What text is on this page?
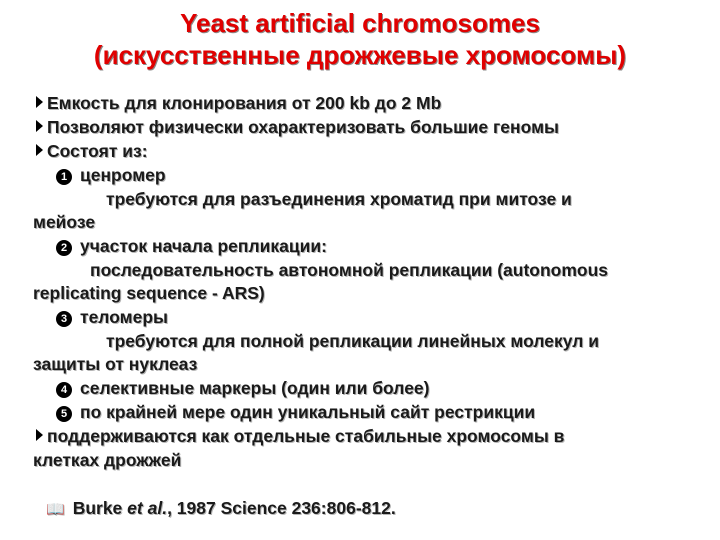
Yeast artificial chromosomes
(искусственные дрожжевые хромосомы)
Емкость для клонирования от 200 kb до 2 Mb
Позволяют физически охарактеризовать большие геномы
Состоят из:
1 ценромер
требуются для разъединения хроматид при митозе и
мейозе
2 участок начала репликации:
последовательность автономной репликации (autonomous
replicating sequence - ARS)
3 теломеры
требуются для полной репликации линейных молекул и
защиты от нуклеаз
4 селективные маркеры (один или более)
5 по крайней мере один уникальный сайт рестрикции
поддерживаются как отдельные стабильные хромосомы в
клетках дрожжей
📖 Burke et al., 1987 Science 236:806-812.
